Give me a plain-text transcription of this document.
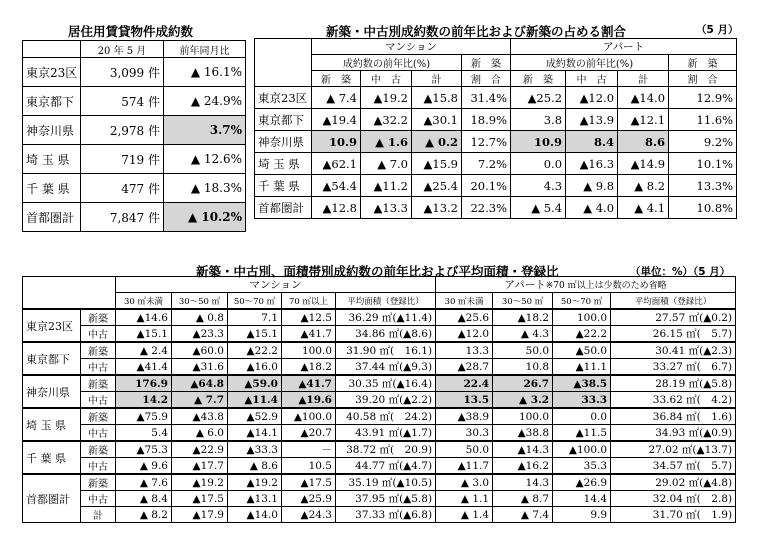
居住用賃貸物件成約数
	20 年 5 月	前年同月比
東京23区	3,099 件	▲ 16.1%
東京都下	574 件	▲ 24.9%
神奈川県	2,978 件	3.7%
埼 玉 県	719 件	▲ 12.6%
千 葉 県	477 件	▲ 18.3%
首都圏計	7,847 件	▲ 10.2%
新築・中古別成約数の前年比および新築の占める割合	（5 月）
	マンション				アパート			
	成約数の前年比(%)			新　築	成約数の前年比(%)			新　築
	新　築	中　古	計	割　合	新　築	中　古	計	割　合
東京23区	▲ 7.4	▲19.2	▲15.8	31.4%	▲25.2	▲12.0	▲14.0	12.9%
東京都下	▲19.4	▲32.2	▲30.1	18.9%	3.8	▲13.9	▲12.1	11.6%
神奈川県	10.9	▲ 1.6	▲ 0.2	12.7%	10.9	8.4	8.6	9.2%
埼 玉 県	▲62.1	▲ 7.0	▲15.9	7.2%	0.0	▲16.3	▲14.9	10.1%
千 葉 県	▲54.4	▲11.2	▲25.4	20.1%	4.3	▲ 9.8	▲ 8.2	13.3%
首都圏計	▲12.8	▲13.3	▲13.2	22.3%	▲ 5.4	▲ 4.0	▲ 4.1	10.8%
新築・中古別、面積帯別成約数の前年比および平均面積・登録比	（単位：%）（5 月）
		マンション					アパート※70 ㎡以上は少数のため省略			
		30 ㎡未満	30～50 ㎡	50～70 ㎡	70 ㎡以上	平均面積（登録比）	30 ㎡未満	30～50 ㎡	50～70 ㎡	平均面積（登録比）
東京23区	新築	▲14.6	▲ 0.8	7.1	▲12.5	36.29 ㎡(▲11.4)	▲25.6	▲18.2	100.0	27.57 ㎡(▲0.2)
	中古	▲15.1	▲23.3	▲15.1	▲41.7	34.86 ㎡(▲8.6)	▲12.0	▲ 4.3	▲22.2	26.15 ㎡(　5.7)
東京都下	新築	▲ 2.4	▲60.0	▲22.2	100.0	31.90 ㎡(　16.1)	13.3	50.0	▲50.0	30.41 ㎡(▲2.3)
	中古	▲41.4	▲31.6	▲16.0	▲18.2	37.44 ㎡(▲9.3)	▲28.7	10.8	▲11.1	33.27 ㎡(　6.7)
神奈川県	新築	176.9	▲64.8	▲59.0	▲41.7	30.35 ㎡(▲16.4)	22.4	26.7	▲38.5	28.19 ㎡(▲5.8)
	中古	14.2	▲ 7.7	▲11.4	▲19.6	39.20 ㎡(▲2.2)	13.5	▲ 3.2	33.3	33.62 ㎡(　4.2)
埼 玉 県	新築	▲75.9	▲43.8	▲52.9	▲100.0	40.58 ㎡(　24.2)	▲38.9	100.0	0.0	36.84 ㎡(　1.6)
	中古	5.4	▲ 6.0	▲14.1	▲20.7	43.91 ㎡(▲1.7)	30.3	▲38.8	▲11.5	34.93 ㎡(▲0.9)
千 葉 県	新築	▲75.3	▲22.9	▲33.3	－	38.72 ㎡(　20.9)	50.0	▲14.3	▲100.0	27.02 ㎡(▲13.7)
	中古	▲ 9.6	▲17.7	▲ 8.6	10.5	44.77 ㎡(▲4.7)	▲11.7	▲16.2	35.3	34.57 ㎡(　5.7)
首都圏計	新築	▲ 7.6	▲19.2	▲19.2	▲17.5	35.19 ㎡(▲10.5)	▲ 3.0	14.3	▲26.9	29.02 ㎡(▲4.8)
	中古	▲ 8.4	▲17.5	▲13.1	▲25.9	37.95 ㎡(▲5.8)	▲ 1.1	▲ 8.7	14.4	32.04 ㎡(　2.8)
	計	▲ 8.2	▲17.9	▲14.0	▲24.3	37.33 ㎡(▲6.8)	▲ 1.4	▲ 7.4	9.9	31.70 ㎡(　1.9)
